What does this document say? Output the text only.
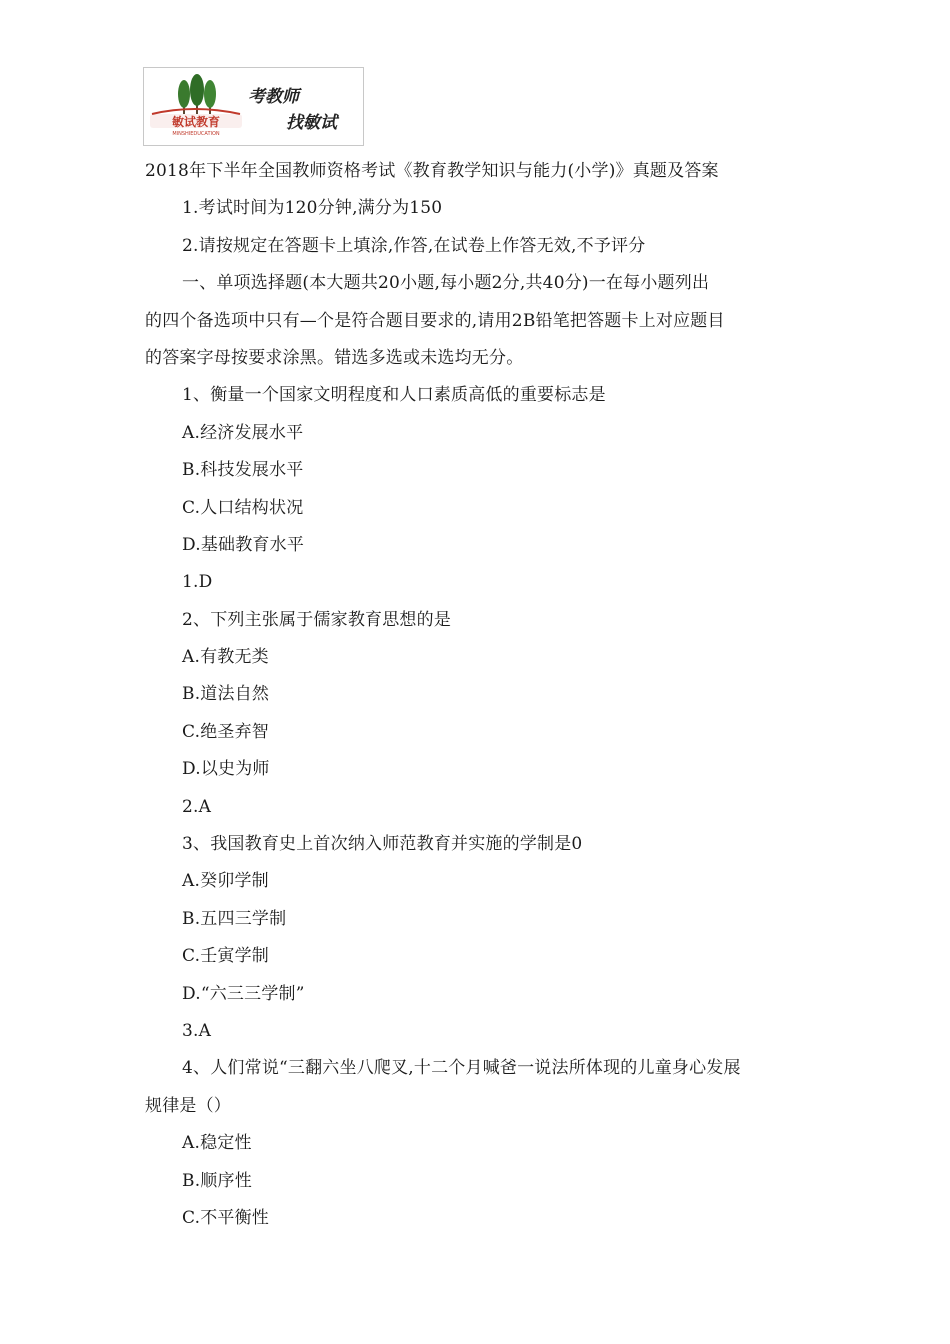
敏试教育
MINSHIEDUCATION
考教师
找敏试
2018年下半年全国教师资格考试《教育教学知识与能力(小学)》真题及答案
1.考试时间为120分钟,满分为150
2.请按规定在答题卡上填涂,作答,在试卷上作答无效,不予评分
一、单项选择题(本大题共20小题,每小题2分,共40分)一在每小题列出
的四个备选项中只有—个是符合题目要求的,请用2B铅笔把答题卡上对应题目
的答案字母按要求涂黑。错选多选或未选均无分。
1、衡量一个国家文明程度和人口素质高低的重要标志是
A.经济发展水平
B.科技发展水平
C.人口结构状况
D.基础教育水平
1.D
2、下列主张属于儒家教育思想的是
A.有教无类
B.道法自然
C.绝圣弃智
D.以史为师
2.A
3、我国教育史上首次纳入师范教育并实施的学制是0
A.癸卯学制
B.五四三学制
C.壬寅学制
D.“六三三学制”
3.A
4、人们常说“三翻六坐八爬叉,十二个月喊爸一说法所体现的儿童身心发展
规律是（）
A.稳定性
B.顺序性
C.不平衡性
